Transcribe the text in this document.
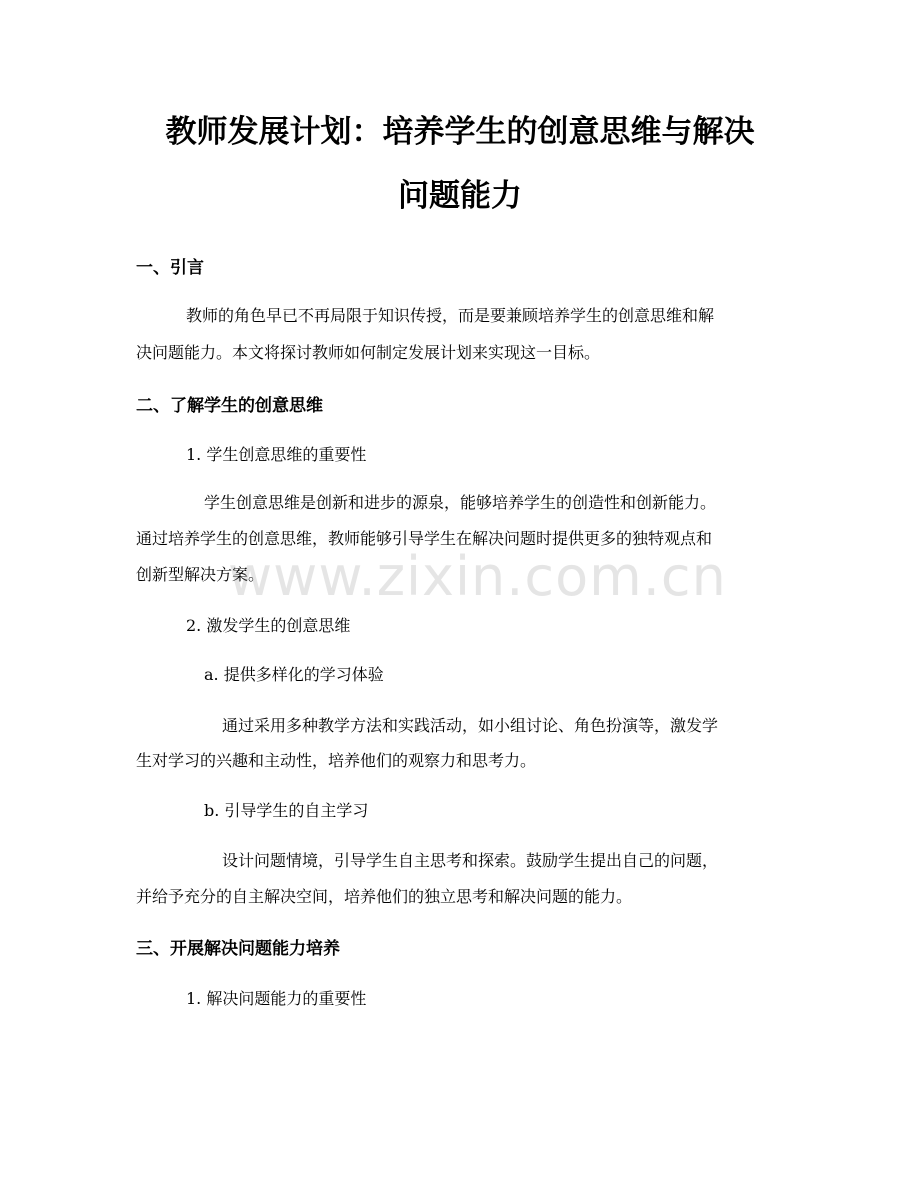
教师发展计划：培养学生的创意思维与解决
问题能力
一、引言

教师的角色早已不再局限于知识传授，而是要兼顾培养学生的创意思维和解

决问题能力。本文将探讨教师如何制定发展计划来实现这一目标。

二、了解学生的创意思维

1. 学生创意思维的重要性

学生创意思维是创新和进步的源泉，能够培养学生的创造性和创新能力。

通过培养学生的创意思维，教师能够引导学生在解决问题时提供更多的独特观点和

创新型解决方案。

2. 激发学生的创意思维

a. 提供多样化的学习体验

通过采用多种教学方法和实践活动，如小组讨论、角色扮演等，激发学

生对学习的兴趣和主动性，培养他们的观察力和思考力。

b. 引导学生的自主学习

设计问题情境，引导学生自主思考和探索。鼓励学生提出自己的问题，

并给予充分的自主解决空间，培养他们的独立思考和解决问题的能力。

三、开展解决问题能力培养

1. 解决问题能力的重要性

www.zixin.com.cn
